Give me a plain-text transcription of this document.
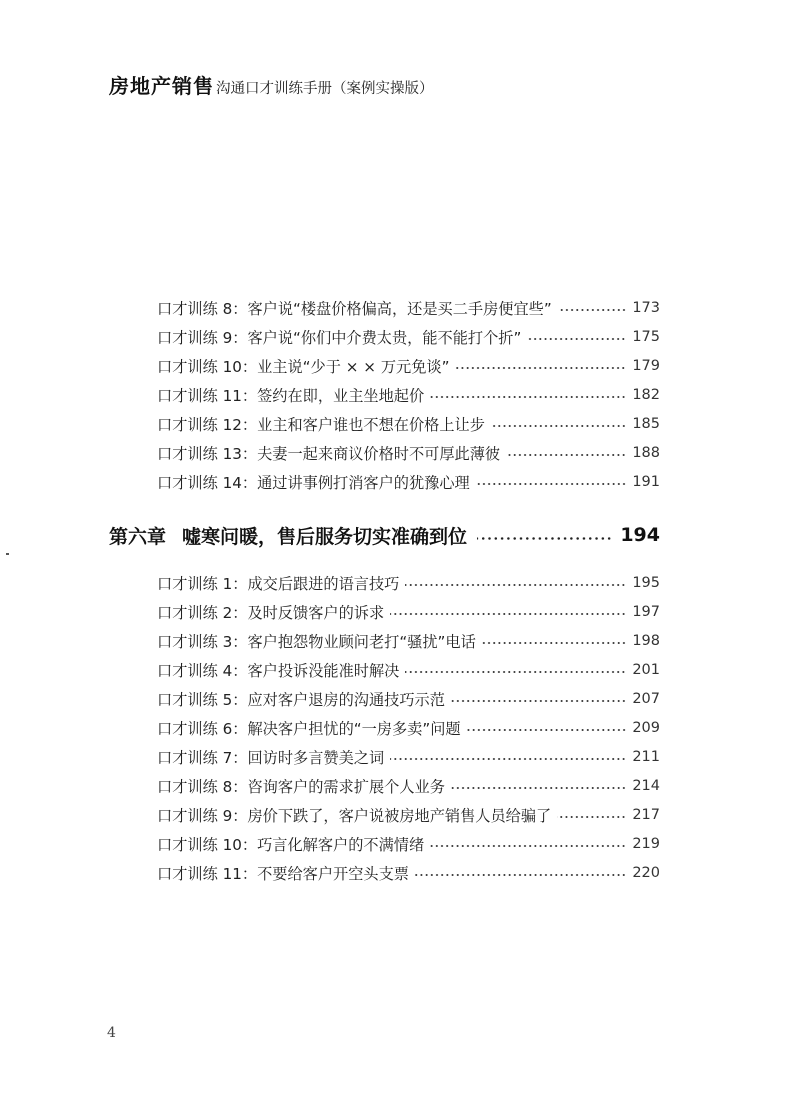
房地产销售 沟通口才训练手册（案例实操版）
口才训练 8： 客户说“楼盘价格偏高，还是买二手房便宜些”	173
口才训练 9： 客户说“你们中介费太贵，能不能打个折”	175
口才训练 10： 业主说“少于 × × 万元免谈”	179
口才训练 11： 签约在即，业主坐地起价	182
口才训练 12： 业主和客户谁也不想在价格上让步	185
口才训练 13： 夫妻一起来商议价格时不可厚此薄彼	188
口才训练 14： 通过讲事例打消客户的犹豫心理	191
第六章 嘘寒问暖，售后服务切实准确到位	194
口才训练 1： 成交后跟进的语言技巧	195
口才训练 2： 及时反馈客户的诉求	197
口才训练 3： 客户抱怨物业顾问老打“骚扰”电话	198
口才训练 4： 客户投诉没能准时解决	201
口才训练 5： 应对客户退房的沟通技巧示范	207
口才训练 6： 解决客户担忧的“一房多卖”问题	209
口才训练 7： 回访时多言赞美之词	211
口才训练 8： 咨询客户的需求扩展个人业务	214
口才训练 9： 房价下跌了，客户说被房地产销售人员给骗了	217
口才训练 10： 巧言化解客户的不满情绪	219
口才训练 11： 不要给客户开空头支票	220
4
